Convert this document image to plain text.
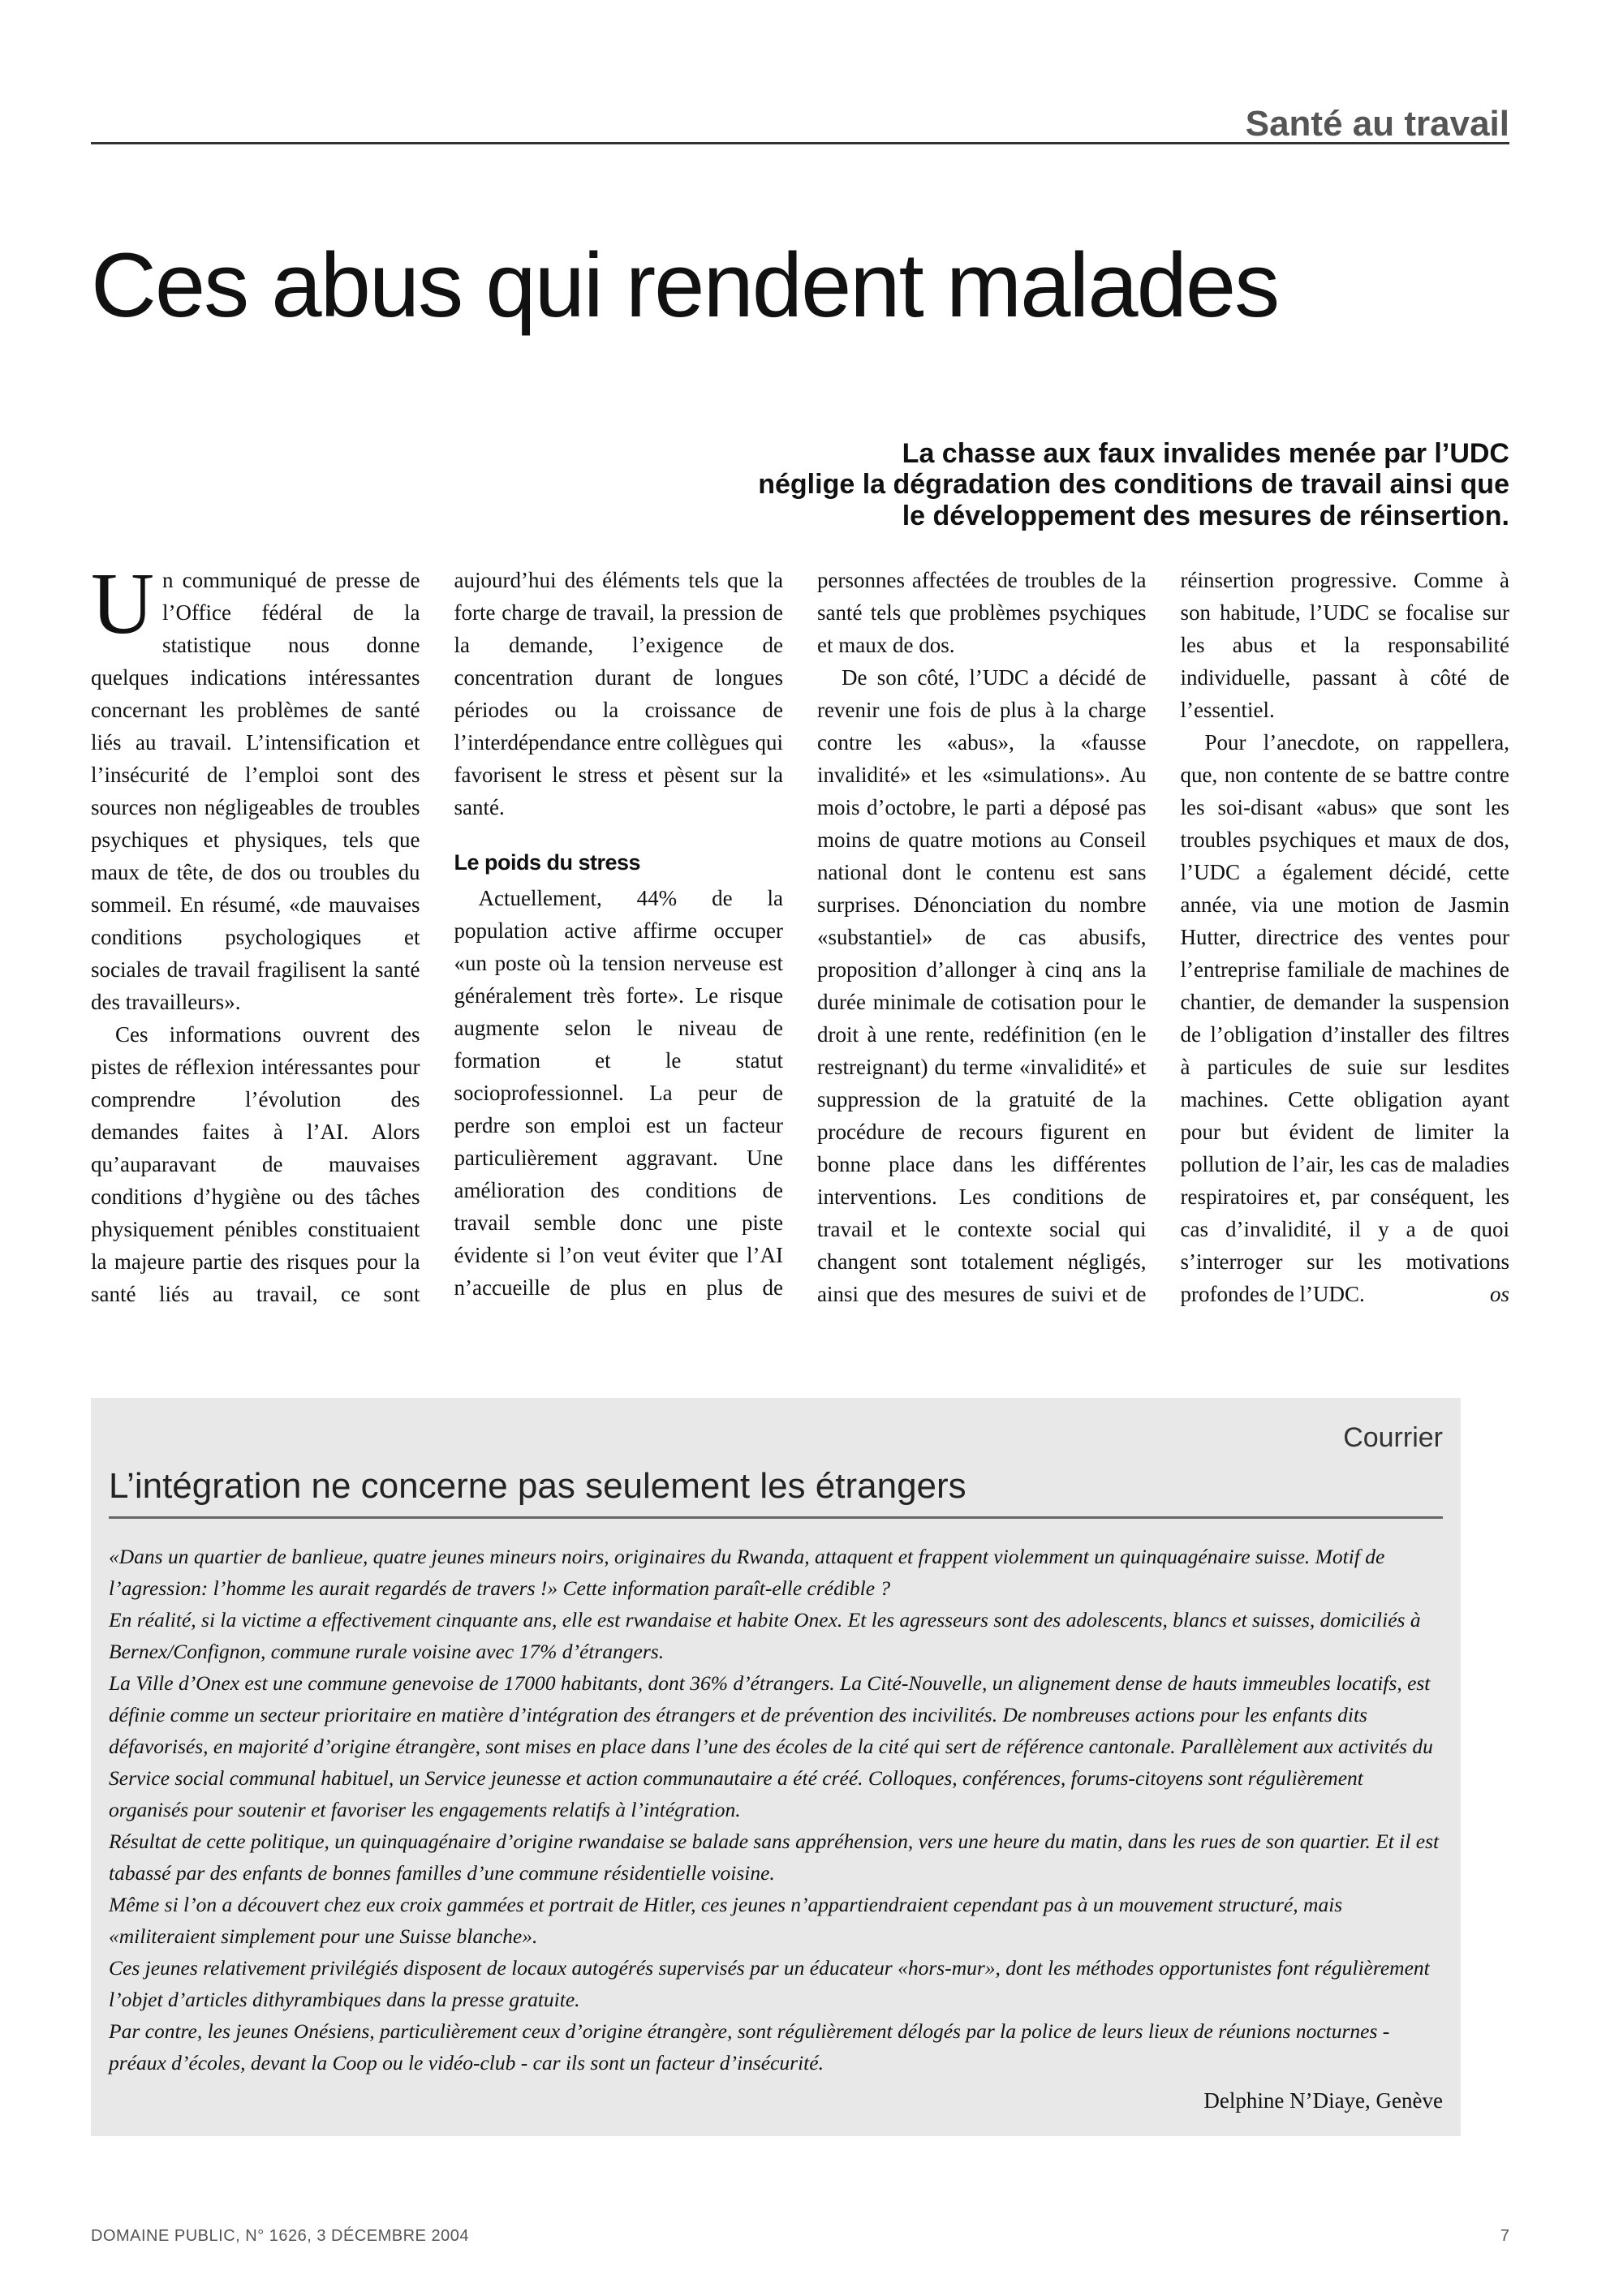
Santé au travail
Ces abus qui rendent malades
La chasse aux faux invalides menée par l’UDC
néglige la dégradation des conditions de travail ainsi que
le développement des mesures de réinsertion.

Un communiqué de presse de l’Office fédéral de la statistique nous donne quelques indications intéressantes concernant les problèmes de santé liés au travail. L’intensification et l’insécurité de l’emploi sont des sources non négligeables de troubles psychiques et physiques, tels que maux de tête, de dos ou troubles du sommeil. En résumé, «de mauvaises conditions psychologiques et sociales de travail fragilisent la santé des travailleurs».

Ces informations ouvrent des pistes de réflexion intéressantes pour comprendre l’évolution des demandes faites à l’AI. Alors qu’auparavant de mauvaises conditions d’hygiène ou des tâches physiquement pénibles constituaient la majeure partie des risques pour la santé liés au travail, ce sont aujourd’hui des éléments tels que la forte charge de travail, la pression de la demande, l’exigence de concentration durant de longues périodes ou la croissance de l’interdépendance entre collègues qui favorisent le stress et pèsent sur la santé.

Le poids du stress

Actuellement, 44% de la population active affirme occuper «un poste où la tension nerveuse est généralement très forte». Le risque augmente selon le niveau de formation et le statut socioprofessionnel. La peur de perdre son emploi est un facteur particulièrement aggravant. Une amélioration des conditions de travail semble donc une piste évidente si l’on veut éviter que l’AI n’accueille de plus en plus de personnes affectées de troubles de la santé tels que problèmes psychiques et maux de dos.

De son côté, l’UDC a décidé de revenir une fois de plus à la charge contre les «abus», la «fausse invalidité» et les «simulations». Au mois d’octobre, le parti a déposé pas moins de quatre motions au Conseil national dont le contenu est sans surprises. Dénonciation du nombre «substantiel» de cas abusifs, proposition d’allonger à cinq ans la durée minimale de cotisation pour le droit à une rente, redéfinition (en le restreignant) du terme «invalidité» et suppression de la gratuité de la procédure de recours figurent en bonne place dans les différentes interventions. Les conditions de travail et le contexte social qui changent sont totalement négligés, ainsi que des mesures de suivi et de réinsertion progressive. Comme à son habitude, l’UDC se focalise sur les abus et la responsabilité individuelle, passant à côté de l’essentiel.

Pour l’anecdote, on rappellera, que, non contente de se battre contre les soi-disant «abus» que sont les troubles psychiques et maux de dos, l’UDC a également décidé, cette année, via une motion de Jasmin Hutter, directrice des ventes pour l’entreprise familiale de machines de chantier, de demander la suspension de l’obligation d’installer des filtres à particules de suie sur lesdites machines. Cette obligation ayant pour but évident de limiter la pollution de l’air, les cas de maladies respiratoires et, par conséquent, les cas d’invalidité, il y a de quoi s’interroger sur les motivations profondes de l’UDC.	os

Courrier
L’intégration ne concerne pas seulement les étrangers

«Dans un quartier de banlieue, quatre jeunes mineurs noirs, originaires du Rwanda, attaquent et frappent violemment un quinquagénaire suisse. Motif de l’agression: l’homme les aurait regardés de travers !» Cette information paraît-elle crédible ?

En réalité, si la victime a effectivement cinquante ans, elle est rwandaise et habite Onex. Et les agresseurs sont des adolescents, blancs et suisses, domiciliés à Bernex/Confignon, commune rurale voisine avec 17% d’étrangers.

La Ville d’Onex est une commune genevoise de 17000 habitants, dont 36% d’étrangers. La Cité-Nouvelle, un alignement dense de hauts immeubles locatifs, est définie comme un secteur prioritaire en matière d’intégration des étrangers et de prévention des incivilités. De nombreuses actions pour les enfants dits défavorisés, en majorité d’origine étrangère, sont mises en place dans l’une des écoles de la cité qui sert de référence cantonale. Parallèlement aux activités du Service social communal habituel, un Service jeunesse et action communautaire a été créé. Colloques, conférences, forums-citoyens sont régulièrement organisés pour soutenir et favoriser les engagements relatifs à l’intégration.

Résultat de cette politique, un quinquagénaire d’origine rwandaise se balade sans appréhension, vers une heure du matin, dans les rues de son quartier. Et il est tabassé par des enfants de bonnes familles d’une commune résidentielle voisine.

Même si l’on a découvert chez eux croix gammées et portrait de Hitler, ces jeunes n’appartiendraient cependant pas à un mouvement structuré, mais «militeraient simplement pour une Suisse blanche».

Ces jeunes relativement privilégiés disposent de locaux autogérés supervisés par un éducateur «hors-mur», dont les méthodes opportunistes font régulièrement l’objet d’articles dithyrambiques dans la presse gratuite.

Par contre, les jeunes Onésiens, particulièrement ceux d’origine étrangère, sont régulièrement délogés par la police de leurs lieux de réunions nocturnes - préaux d’écoles, devant la Coop ou le vidéo-club - car ils sont un facteur d’insécurité.

Delphine N’Diaye, Genève
DOMAINE PUBLIC, N° 1626, 3 DÉCEMBRE 2004	7
